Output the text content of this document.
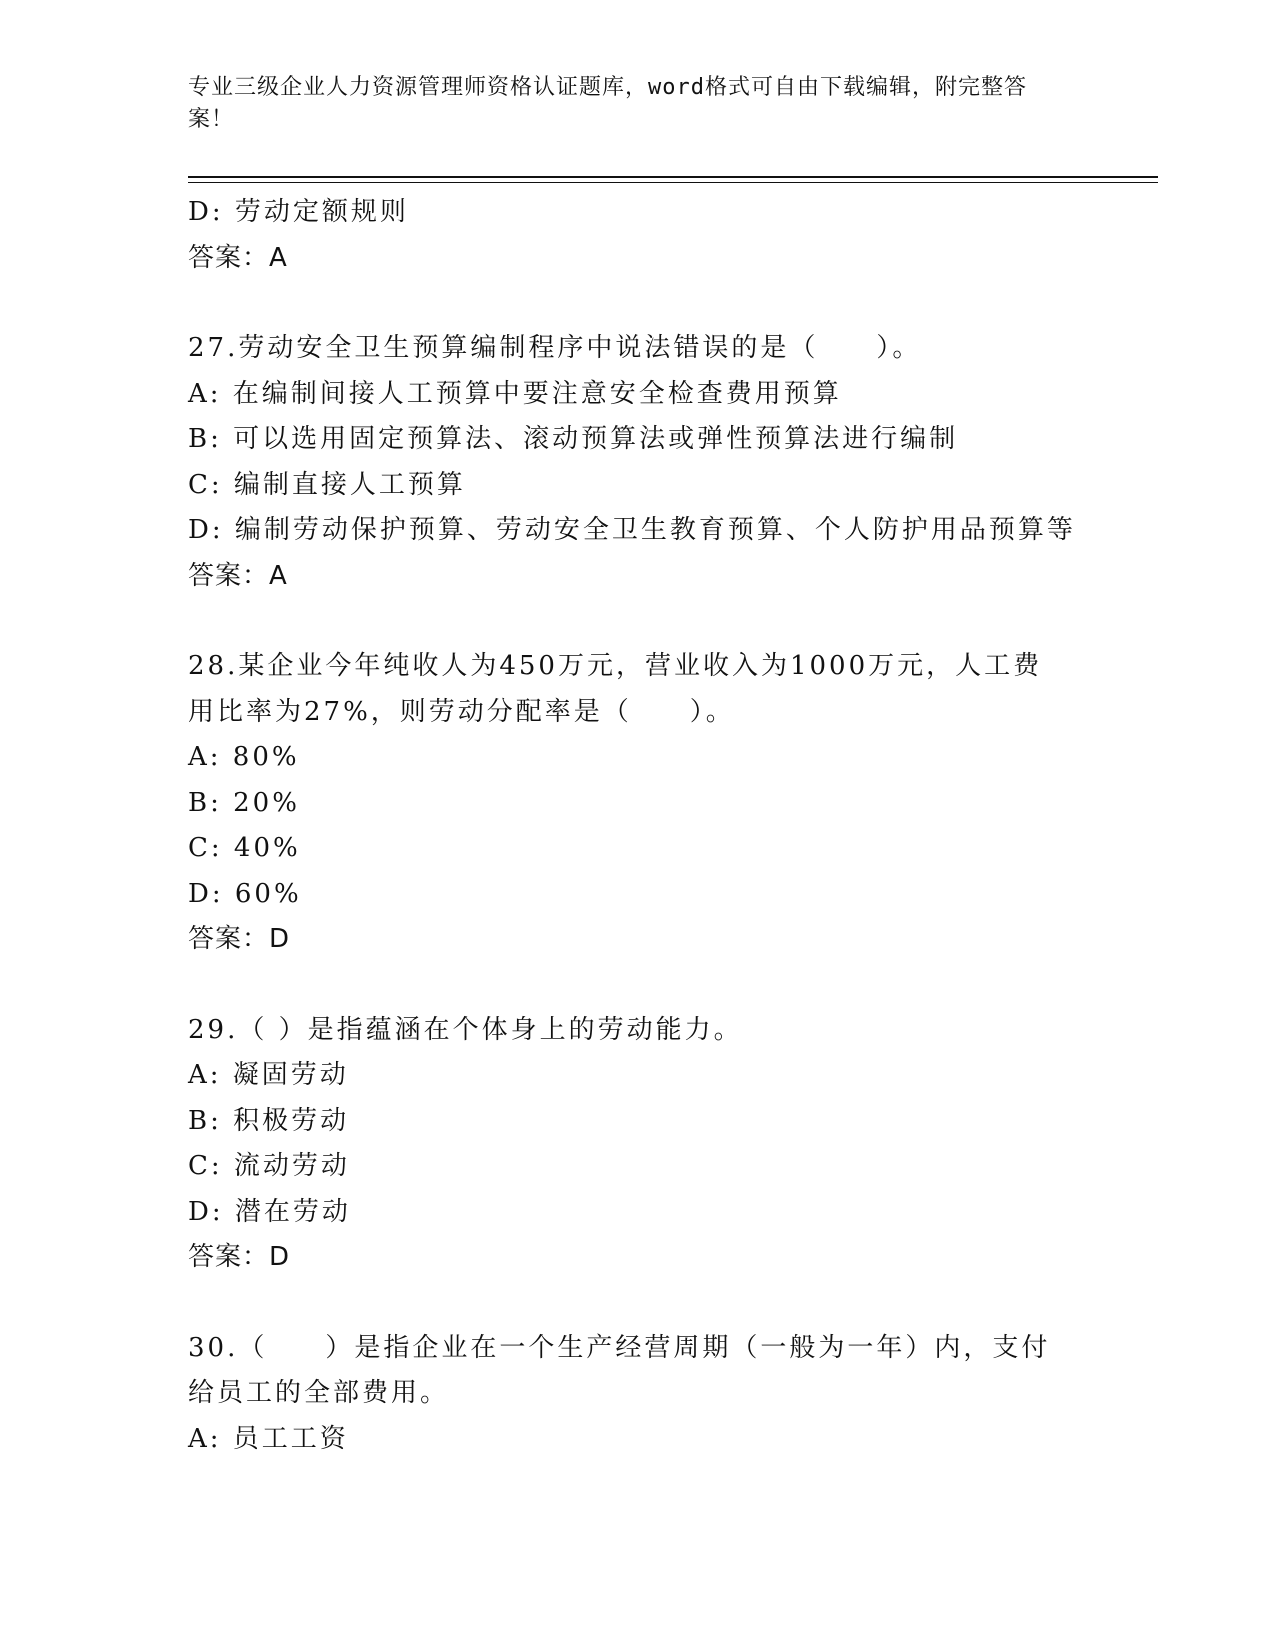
专业三级企业人力资源管理师资格认证题库，word格式可自由下载编辑，附完整答案！
D: 劳动定额规则
答案：A
27.劳动安全卫生预算编制程序中说法错误的是（　　）。
A: 在编制间接人工预算中要注意安全检查费用预算
B: 可以选用固定预算法、滚动预算法或弹性预算法进行编制
C: 编制直接人工预算
D: 编制劳动保护预算、劳动安全卫生教育预算、个人防护用品预算等
答案：A
28.某企业今年纯收人为450万元，营业收入为1000万元，人工费用比率为27%，则劳动分配率是（　　）。
A: 80%
B: 20%
C: 40%
D: 60%
答案：D
29.（ ）是指蕴涵在个体身上的劳动能力。
A: 凝固劳动
B: 积极劳动
C: 流动劳动
D: 潜在劳动
答案：D
30.（　　）是指企业在一个生产经营周期（一般为一年）内，支付给员工的全部费用。
A: 员工工资
